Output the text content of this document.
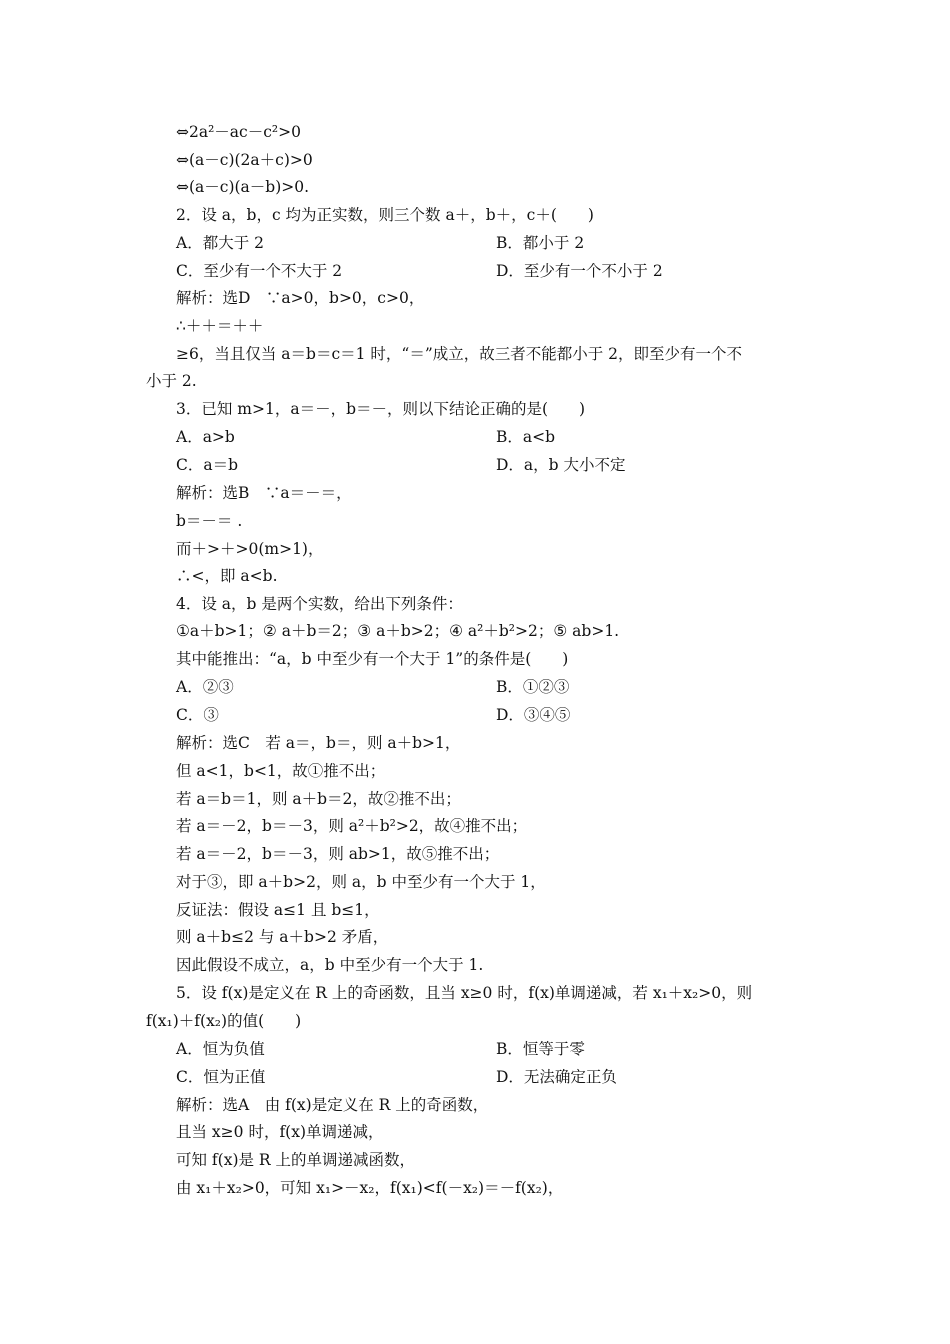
⇔2a²－ac－c²>0
⇔(a－c)(2a＋c)>0
⇔(a－c)(a－b)>0.
2．设 a，b，c 均为正实数，则三个数 a＋，b＋，c＋(　　)
A．都大于 2	B．都小于 2
C．至少有一个不大于 2	D．至少有一个不小于 2
解析：选D　∵a>0，b>0，c>0，
∴＋＋＝＋＋
≥6，当且仅当 a＝b＝c＝1 时，“＝”成立，故三者不能都小于 2，即至少有一个不
小于 2.
3．已知 m>1，a＝－，b＝－，则以下结论正确的是(　　)
A．a>b	B．a<b
C．a＝b	D．a，b 大小不定
解析：选B　∵a＝－＝，
b＝－＝ .
而＋>＋>0(m>1)，
∴<，即 a<b.
4．设 a，b 是两个实数，给出下列条件：
①a＋b>1；② a＋b＝2；③ a＋b>2；④ a²＋b²>2；⑤ ab>1.
其中能推出：“a，b 中至少有一个大于 1”的条件是(　　)
A．②③	B．①②③
C．③	D．③④⑤
解析：选C　若 a＝，b＝，则 a＋b>1，
但 a<1，b<1，故①推不出；
若 a＝b＝1，则 a＋b＝2，故②推不出；
若 a＝－2，b＝－3，则 a²＋b²>2，故④推不出；
若 a＝－2，b＝－3，则 ab>1，故⑤推不出；
对于③，即 a＋b>2，则 a，b 中至少有一个大于 1，
反证法：假设 a≤1 且 b≤1，
则 a＋b≤2 与 a＋b>2 矛盾，
因此假设不成立，a，b 中至少有一个大于 1.
5．设 f(x)是定义在 R 上的奇函数，且当 x≥0 时，f(x)单调递减，若 x₁＋x₂>0，则
f(x₁)＋f(x₂)的值(　　)
A．恒为负值	B．恒等于零
C．恒为正值	D．无法确定正负
解析：选A　由 f(x)是定义在 R 上的奇函数，
且当 x≥0 时，f(x)单调递减，
可知 f(x)是 R 上的单调递减函数，
由 x₁＋x₂>0，可知 x₁>－x₂，f(x₁)<f(－x₂)＝－f(x₂)，
